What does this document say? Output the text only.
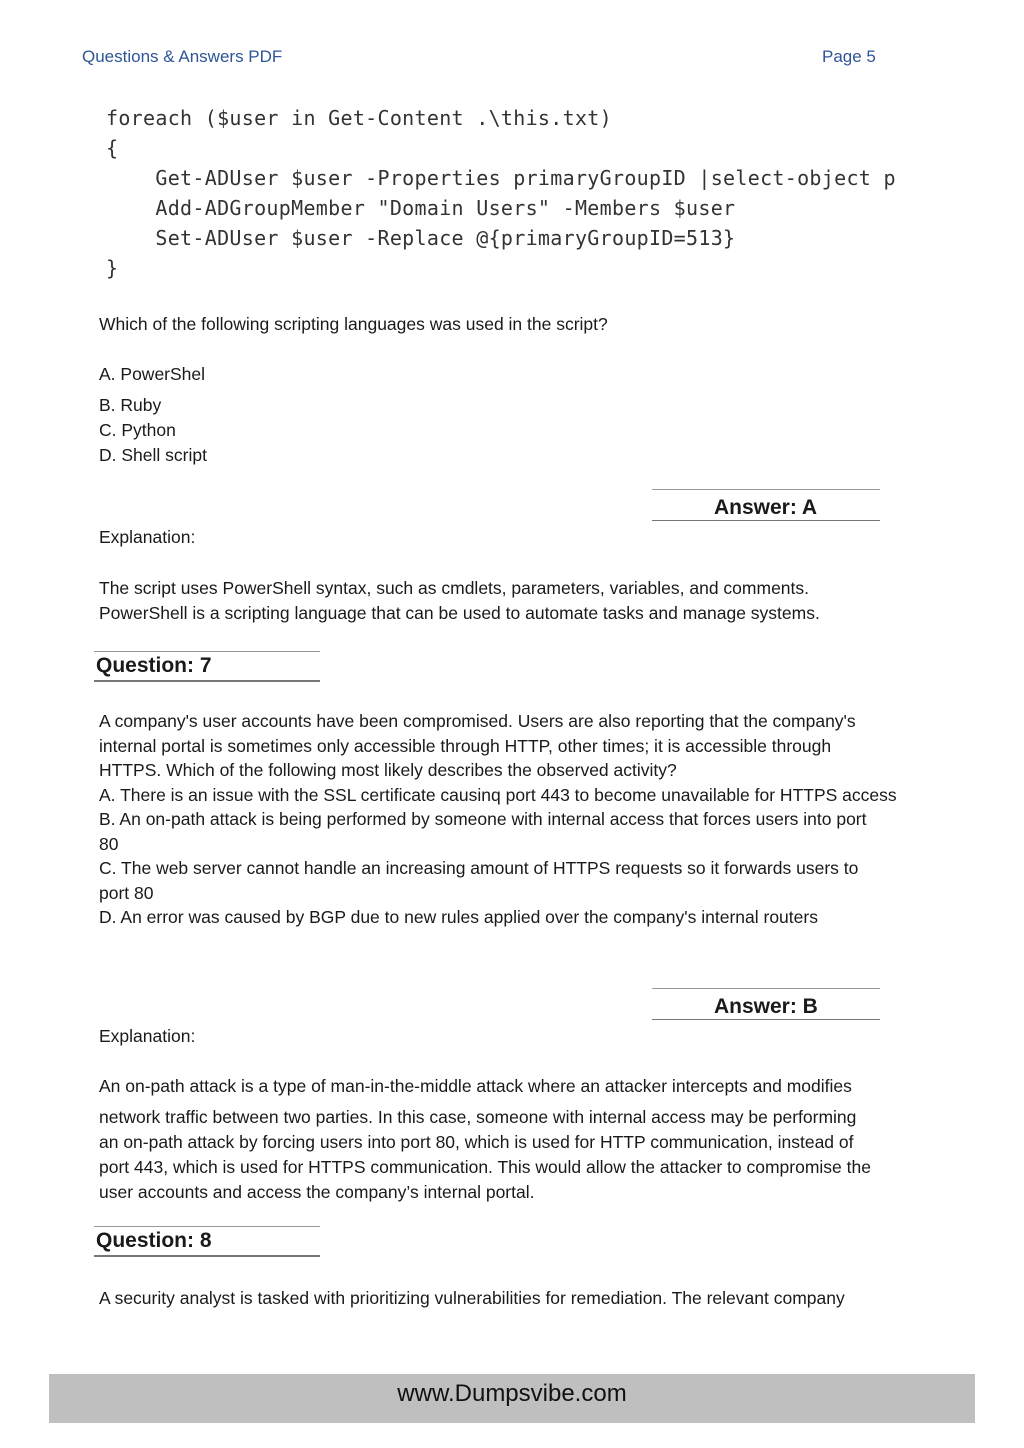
Questions & Answers PDF	Page 5
foreach ($user in Get-Content .\this.txt)
{
Get-ADUser $user -Properties primaryGroupID |select-object p
Add-ADGroupMember "Domain Users" -Members $user
Set-ADUser $user -Replace @{primaryGroupID=513}
}
Which of the following scripting languages was used in the script?
A. PowerShel
B. Ruby
C. Python
D. Shell script
Answer: A
Explanation:
The script uses PowerShell syntax, such as cmdlets, parameters, variables, and comments.
PowerShell is a scripting language that can be used to automate tasks and manage systems.
Question: 7
A company's user accounts have been compromised. Users are also reporting that the company's
internal portal is sometimes only accessible through HTTP, other times; it is accessible through
HTTPS. Which of the following most likely describes the observed activity?
A. There is an issue with the SSL certificate causinq port 443 to become unavailable for HTTPS access
B. An on-path attack is being performed by someone with internal access that forces users into port
80
C. The web server cannot handle an increasing amount of HTTPS requests so it forwards users to
port 80
D. An error was caused by BGP due to new rules applied over the company's internal routers
Answer: B
Explanation:
An on-path attack is a type of man-in-the-middle attack where an attacker intercepts and modifies
network traffic between two parties. In this case, someone with internal access may be performing
an on-path attack by forcing users into port 80, which is used for HTTP communication, instead of
port 443, which is used for HTTPS communication. This would allow the attacker to compromise the
user accounts and access the company’s internal portal.
Question: 8
A security analyst is tasked with prioritizing vulnerabilities for remediation. The relevant company
www.Dumpsvibe.com
